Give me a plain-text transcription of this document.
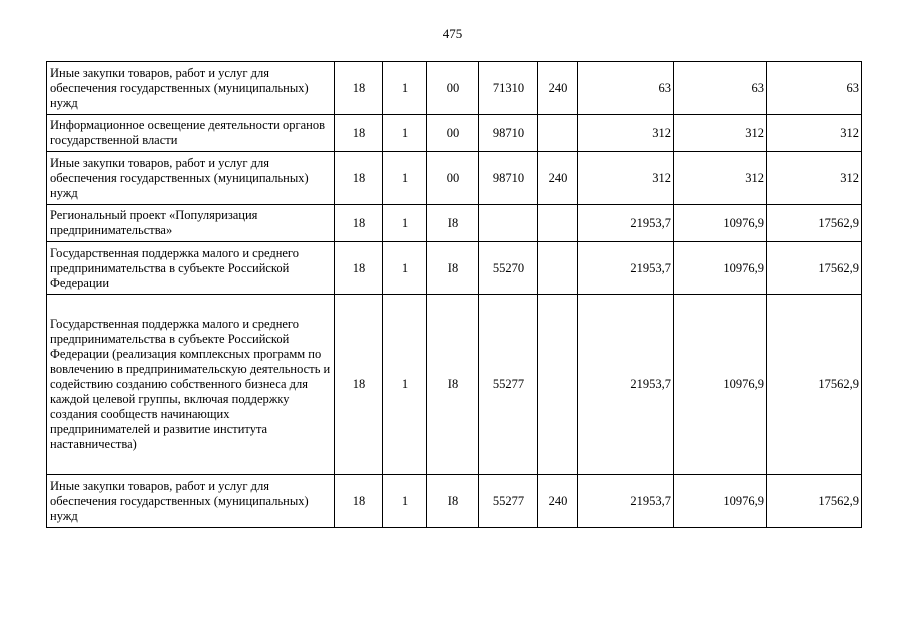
475
Иные закупки товаров, работ и услуг для обеспечения государственных (муниципальных) нужд	18	1	00	71310	240	63	63	63
Информационное освещение деятельности органов государственной власти	18	1	00	98710		312	312	312
Иные закупки товаров, работ и услуг для обеспечения государственных (муниципальных) нужд	18	1	00	98710	240	312	312	312
Региональный проект «Популяризация предпринимательства»	18	1	I8			21953,7	10976,9	17562,9
Государственная поддержка малого и среднего предпринимательства в субъекте Российской Федерации	18	1	I8	55270		21953,7	10976,9	17562,9
Государственная поддержка малого и среднего предпринимательства в субъекте Российской Федерации (реализация комплексных программ по вовлечению в предпринимательскую деятельность и содействию созданию собственного бизнеса для каждой целевой группы, включая поддержку создания сообществ начинающих предпринимателей и развитие института наставничества)	18	1	I8	55277		21953,7	10976,9	17562,9
Иные закупки товаров, работ и услуг для обеспечения государственных (муниципальных) нужд	18	1	I8	55277	240	21953,7	10976,9	17562,9
